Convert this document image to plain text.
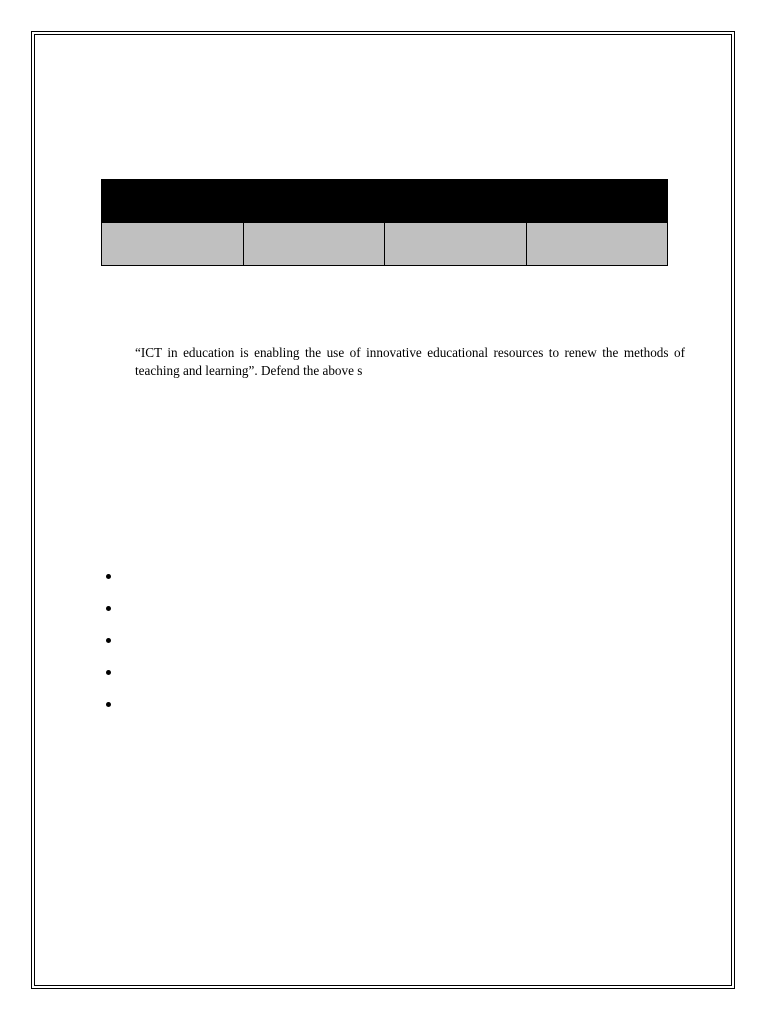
“ICT in education is enabling the use of innovative educational resources to renew the methods of teaching and learning”. Defend the above s
